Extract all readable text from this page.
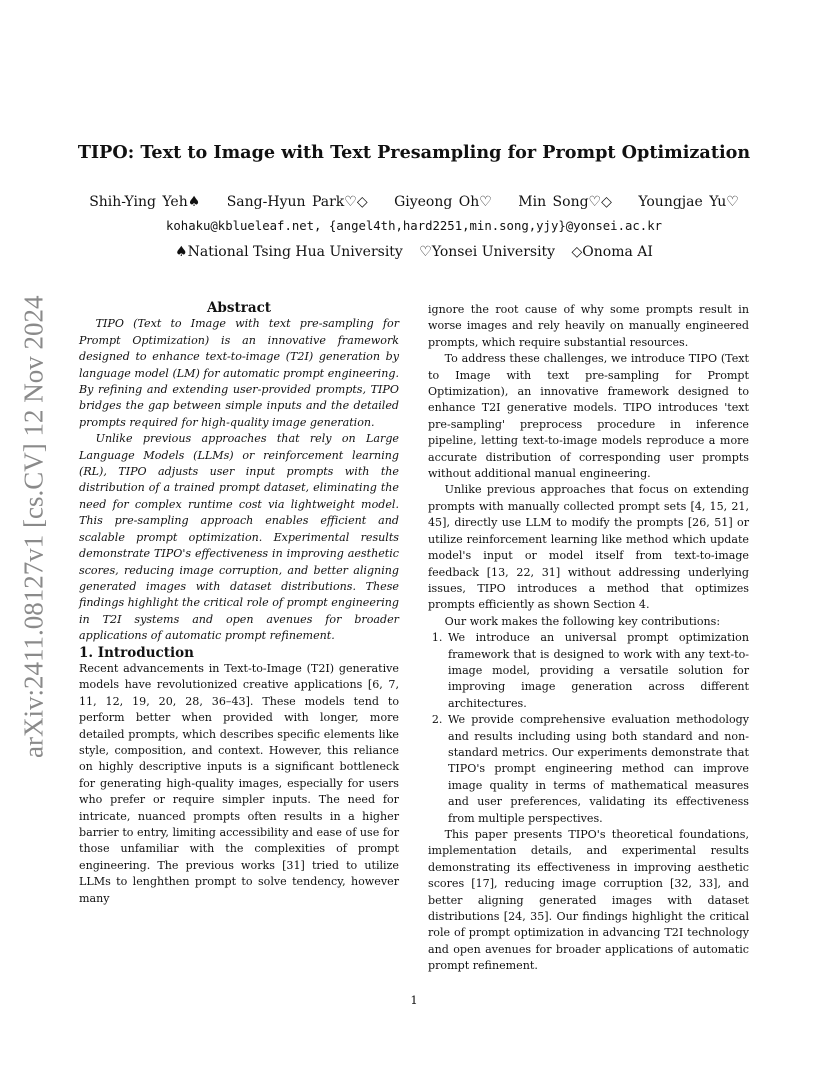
arXiv:2411.08127v1 [cs.CV] 12 Nov 2024
TIPO: Text to Image with Text Presampling for Prompt Optimization
Shih-Ying Yeh♠ Sang-Hyun Park♡◇ Giyeong Oh♡ Min Song♡◇ Youngjae Yu♡
kohaku@kblueleaf.net, {angel4th,hard2251,min.song,yjy}@yonsei.ac.kr
♠National Tsing Hua University ♡Yonsei University ◇Onoma AI

Abstract

TIPO (Text to Image with text pre-sampling for Prompt Optimization) is an innovative framework designed to enhance text-to-image (T2I) generation by language model (LM) for automatic prompt engineering. By refining and extending user-provided prompts, TIPO bridges the gap between simple inputs and the detailed prompts required for high-quality image generation.

Unlike previous approaches that rely on Large Language Models (LLMs) or reinforcement learning (RL), TIPO adjusts user input prompts with the distribution of a trained prompt dataset, eliminating the need for complex runtime cost via lightweight model. This pre-sampling approach enables efficient and scalable prompt optimization. Experimental results demonstrate TIPO's effectiveness in improving aesthetic scores, reducing image corruption, and better aligning generated images with dataset distributions. These findings highlight the critical role of prompt engineering in T2I systems and open avenues for broader applications of automatic prompt refinement.

1. Introduction

Recent advancements in Text-to-Image (T2I) generative models have revolutionized creative applications [6, 7, 11, 12, 19, 20, 28, 36–43]. These models tend to perform better when provided with longer, more detailed prompts, which describes specific elements like style, composition, and context. However, this reliance on highly descriptive inputs is a significant bottleneck for generating high-quality images, especially for users who prefer or require simpler inputs. The need for intricate, nuanced prompts often results in a higher barrier to entry, limiting accessibility and ease of use for those unfamiliar with the complexities of prompt engineering. The previous works [31] tried to utilize LLMs to lenghthen prompt to solve tendency, however many

ignore the root cause of why some prompts result in worse images and rely heavily on manually engineered prompts, which require substantial resources.

To address these challenges, we introduce TIPO (Text to Image with text pre-sampling for Prompt Optimization), an innovative framework designed to enhance T2I generative models. TIPO introduces 'text pre-sampling' preprocess procedure in inference pipeline, letting text-to-image models reproduce a more accurate distribution of corresponding user prompts without additional manual engineering.

Unlike previous approaches that focus on extending prompts with manually collected prompt sets [4, 15, 21, 45], directly use LLM to modify the prompts [26, 51] or utilize reinforcement learning like method which update model's input or model itself from text-to-image feedback [13, 22, 31] without addressing underlying issues, TIPO introduces a method that optimizes prompts efficiently as shown Section 4.

Our work makes the following key contributions:

1. We introduce an universal prompt optimization framework that is designed to work with any text-to-image model, providing a versatile solution for improving image generation across different architectures.
2. We provide comprehensive evaluation methodology and results including using both standard and non-standard metrics. Our experiments demonstrate that TIPO's prompt engineering method can improve image quality in terms of mathematical measures and user preferences, validating its effectiveness from multiple perspectives.

This paper presents TIPO's theoretical foundations, implementation details, and experimental results demonstrating its effectiveness in improving aesthetic scores [17], reducing image corruption [32, 33], and better aligning generated images with dataset distributions [24, 35]. Our findings highlight the critical role of prompt optimization in advancing T2I technology and open avenues for broader applications of automatic prompt refinement.

1
